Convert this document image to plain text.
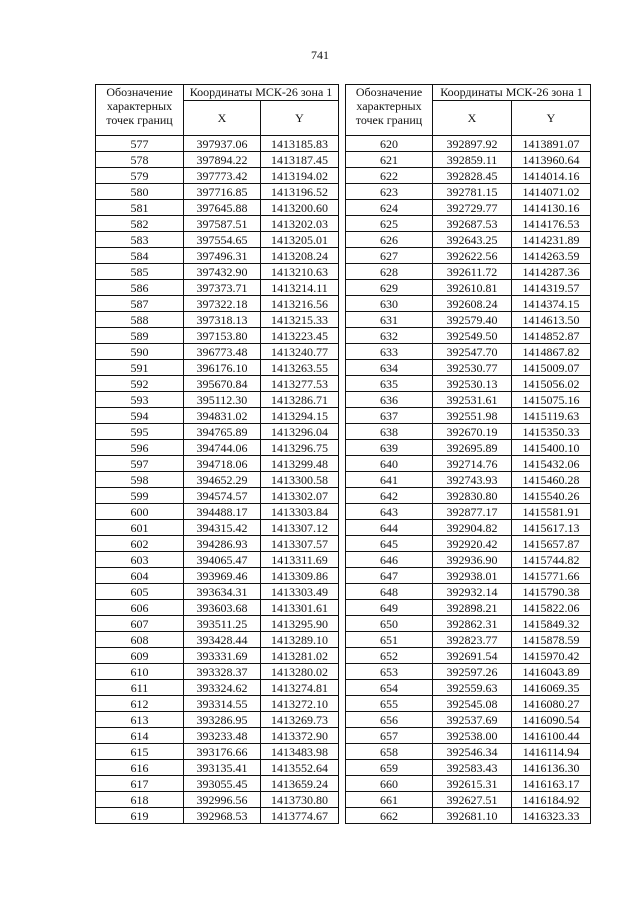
741
Обозначение характерных точек границ	Координаты МСК-26 зона 1	
	X	Y
577	397937.06	1413185.83
578	397894.22	1413187.45
579	397773.42	1413194.02
580	397716.85	1413196.52
581	397645.88	1413200.60
582	397587.51	1413202.03
583	397554.65	1413205.01
584	397496.31	1413208.24
585	397432.90	1413210.63
586	397373.71	1413214.11
587	397322.18	1413216.56
588	397318.13	1413215.33
589	397153.80	1413223.45
590	396773.48	1413240.77
591	396176.10	1413263.55
592	395670.84	1413277.53
593	395112.30	1413286.71
594	394831.02	1413294.15
595	394765.89	1413296.04
596	394744.06	1413296.75
597	394718.06	1413299.48
598	394652.29	1413300.58
599	394574.57	1413302.07
600	394488.17	1413303.84
601	394315.42	1413307.12
602	394286.93	1413307.57
603	394065.47	1413311.69
604	393969.46	1413309.86
605	393634.31	1413303.49
606	393603.68	1413301.61
607	393511.25	1413295.90
608	393428.44	1413289.10
609	393331.69	1413281.02
610	393328.37	1413280.02
611	393324.62	1413274.81
612	393314.55	1413272.10
613	393286.95	1413269.73
614	393233.48	1413372.90
615	393176.66	1413483.98
616	393135.41	1413552.64
617	393055.45	1413659.24
618	392996.56	1413730.80
619	392968.53	1413774.67
Обозначение характерных точек границ	Координаты МСК-26 зона 1	
	X	Y
620	392897.92	1413891.07
621	392859.11	1413960.64
622	392828.45	1414014.16
623	392781.15	1414071.02
624	392729.77	1414130.16
625	392687.53	1414176.53
626	392643.25	1414231.89
627	392622.56	1414263.59
628	392611.72	1414287.36
629	392610.81	1414319.57
630	392608.24	1414374.15
631	392579.40	1414613.50
632	392549.50	1414852.87
633	392547.70	1414867.82
634	392530.77	1415009.07
635	392530.13	1415056.02
636	392531.61	1415075.16
637	392551.98	1415119.63
638	392670.19	1415350.33
639	392695.89	1415400.10
640	392714.76	1415432.06
641	392743.93	1415460.28
642	392830.80	1415540.26
643	392877.17	1415581.91
644	392904.82	1415617.13
645	392920.42	1415657.87
646	392936.90	1415744.82
647	392938.01	1415771.66
648	392932.14	1415790.38
649	392898.21	1415822.06
650	392862.31	1415849.32
651	392823.77	1415878.59
652	392691.54	1415970.42
653	392597.26	1416043.89
654	392559.63	1416069.35
655	392545.08	1416080.27
656	392537.69	1416090.54
657	392538.00	1416100.44
658	392546.34	1416114.94
659	392583.43	1416136.30
660	392615.31	1416163.17
661	392627.51	1416184.92
662	392681.10	1416323.33
